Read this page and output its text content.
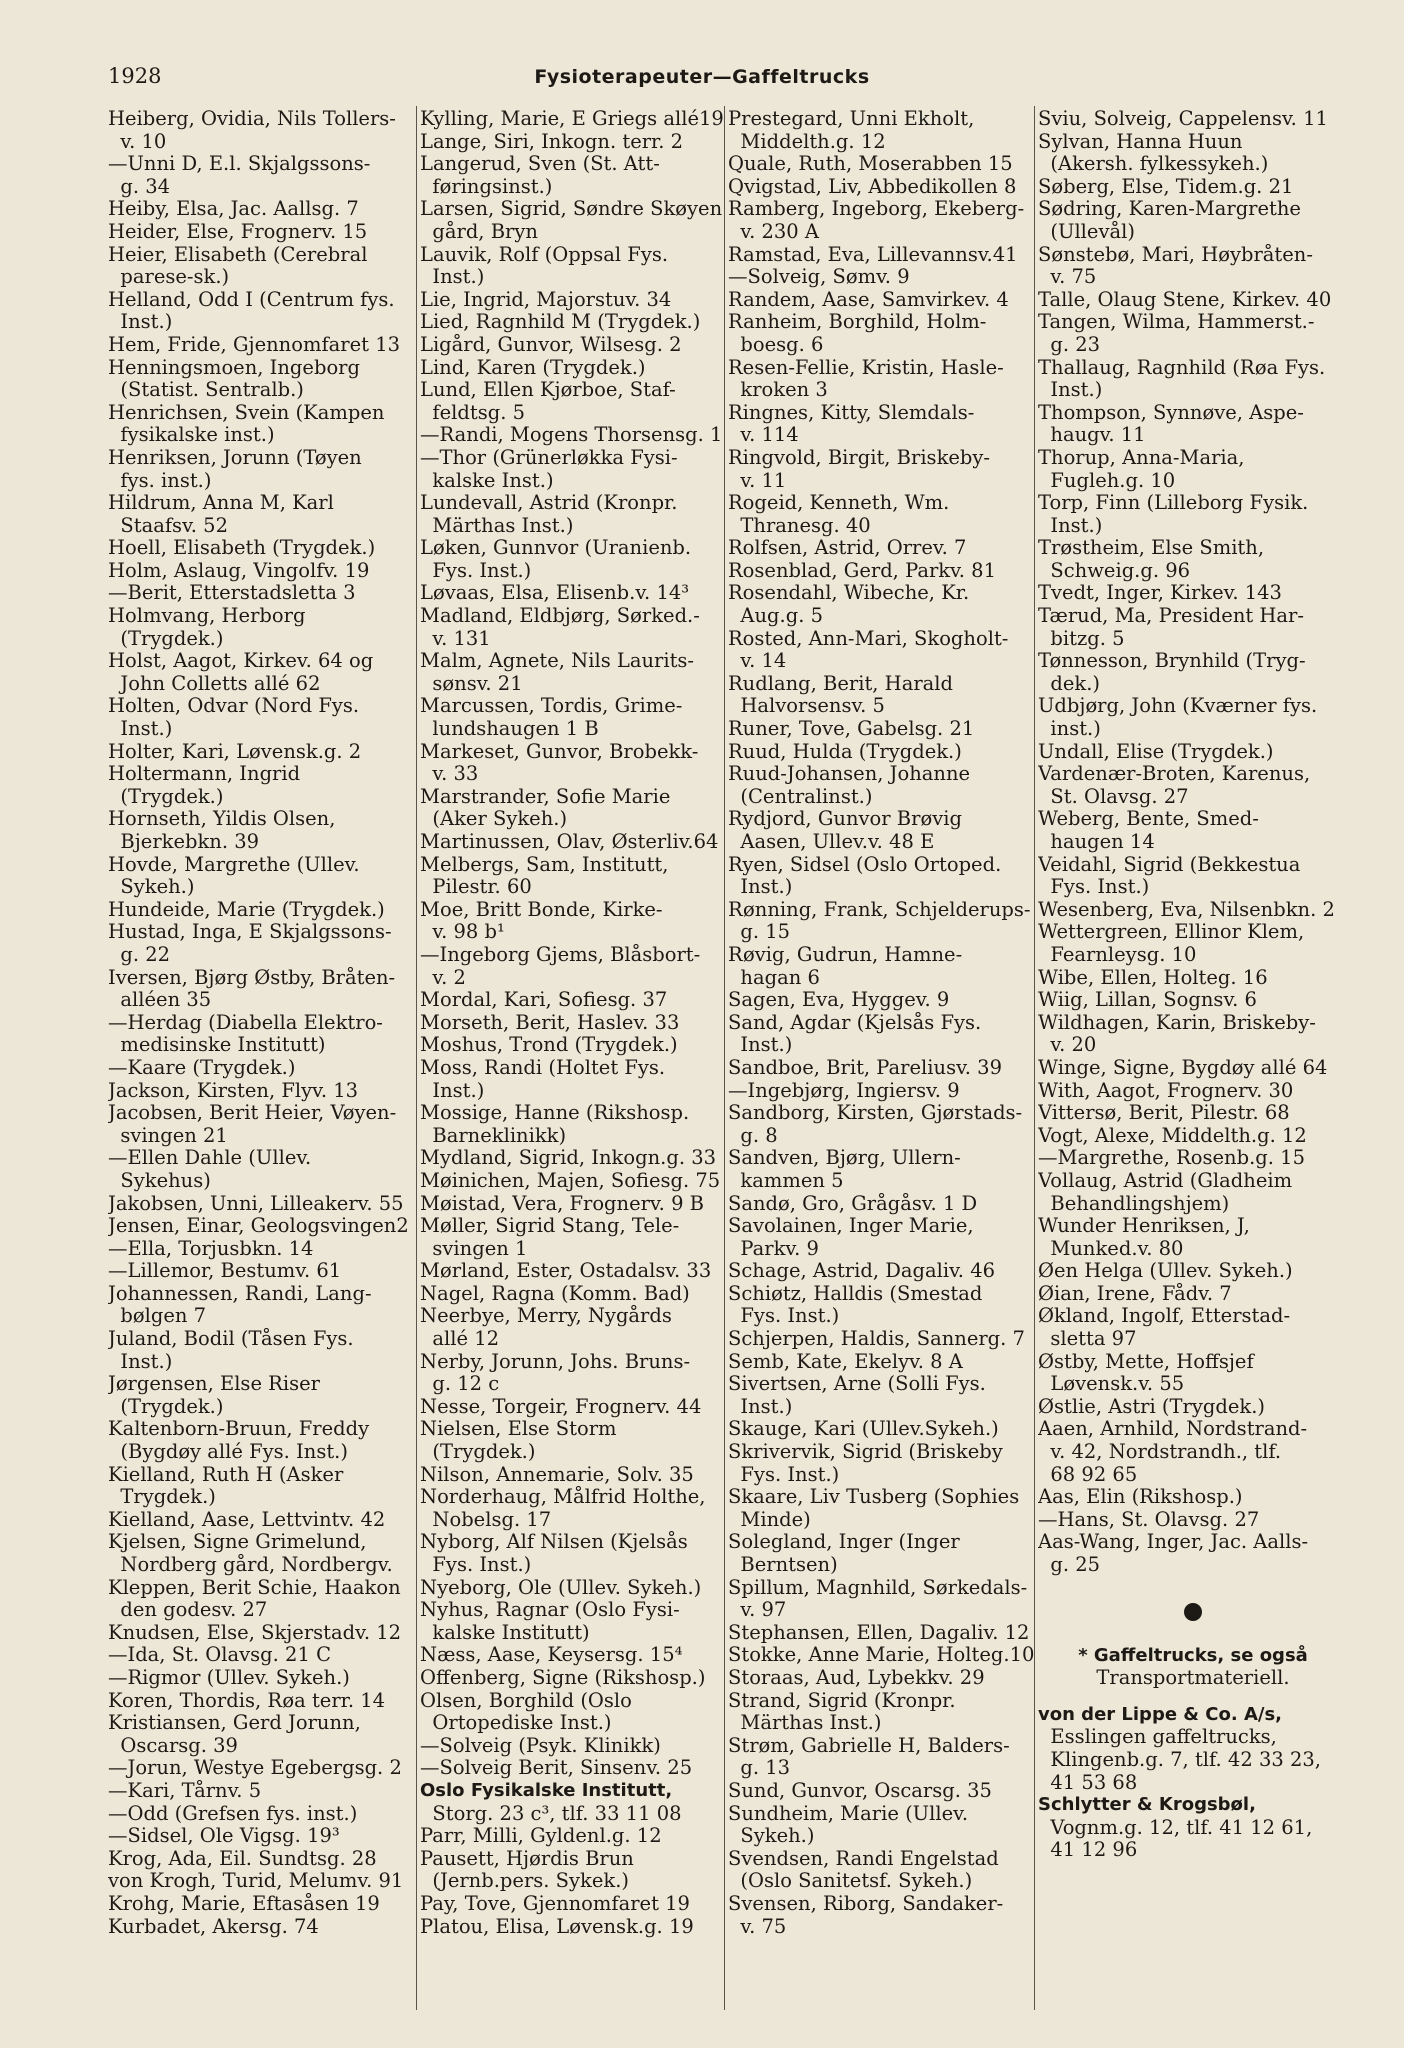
1928	Fysioterapeuter—Gaffeltrucks
Heiberg, Ovidia, Nils Tollers-
v. 10
—Unni D, E.l. Skjalgssons-
g. 34
Heiby, Elsa, Jac. Aallsg. 7
Heider, Else, Frognerv. 15
Heier, Elisabeth (Cerebral
parese-sk.)
Helland, Odd I (Centrum fys.
Inst.)
Hem, Fride, Gjennomfaret 13
Henningsmoen, Ingeborg
(Statist. Sentralb.)
Henrichsen, Svein (Kampen
fysikalske inst.)
Henriksen, Jorunn (Tøyen
fys. inst.)
Hildrum, Anna M, Karl
Staafsv. 52
Hoell, Elisabeth (Trygdek.)
Holm, Aslaug, Vingolfv. 19
—Berit, Etterstadsletta 3
Holmvang, Herborg
(Trygdek.)
Holst, Aagot, Kirkev. 64 og
John Colletts allé 62
Holten, Odvar (Nord Fys.
Inst.)
Holter, Kari, Løvensk.g. 2
Holtermann, Ingrid
(Trygdek.)
Hornseth, Yildis Olsen,
Bjerkebkn. 39
Hovde, Margrethe (Ullev.
Sykeh.)
Hundeide, Marie (Trygdek.)
Hustad, Inga, E Skjalgssons-
g. 22
Iversen, Bjørg Østby, Bråten-
alléen 35
—Herdag (Diabella Elektro-
medisinske Institutt)
—Kaare (Trygdek.)
Jackson, Kirsten, Flyv. 13
Jacobsen, Berit Heier, Vøyen-
svingen 21
—Ellen Dahle (Ullev.
Sykehus)
Jakobsen, Unni, Lilleakerv. 55
Jensen, Einar, Geologsvingen2
—Ella, Torjusbkn. 14
—Lillemor, Bestumv. 61
Johannessen, Randi, Lang-
bølgen 7
Juland, Bodil (Tåsen Fys.
Inst.)
Jørgensen, Else Riser
(Trygdek.)
Kaltenborn-Bruun, Freddy
(Bygdøy allé Fys. Inst.)
Kielland, Ruth H (Asker
Trygdek.)
Kielland, Aase, Lettvintv. 42
Kjelsen, Signe Grimelund,
Nordberg gård, Nordbergv.
Kleppen, Berit Schie, Haakon
den godesv. 27
Knudsen, Else, Skjerstadv. 12
—Ida, St. Olavsg. 21 C
—Rigmor (Ullev. Sykeh.)
Koren, Thordis, Røa terr. 14
Kristiansen, Gerd Jorunn,
Oscarsg. 39
—Jorun, Westye Egebergsg. 2
—Kari, Tårnv. 5
—Odd (Grefsen fys. inst.)
—Sidsel, Ole Vigsg. 19³
Krog, Ada, Eil. Sundtsg. 28
von Krogh, Turid, Melumv. 91
Krohg, Marie, Eftasåsen 19
Kurbadet, Akersg. 74
Kylling, Marie, E Griegs allé19
Lange, Siri, Inkogn. terr. 2
Langerud, Sven (St. Att-
føringsinst.)
Larsen, Sigrid, Søndre Skøyen
gård, Bryn
Lauvik, Rolf (Oppsal Fys.
Inst.)
Lie, Ingrid, Majorstuv. 34
Lied, Ragnhild M (Trygdek.)
Ligård, Gunvor, Wilsesg. 2
Lind, Karen (Trygdek.)
Lund, Ellen Kjørboe, Staf-
feldtsg. 5
—Randi, Mogens Thorsensg. 1
—Thor (Grünerløkka Fysi-
kalske Inst.)
Lundevall, Astrid (Kronpr.
Märthas Inst.)
Løken, Gunnvor (Uranienb.
Fys. Inst.)
Løvaas, Elsa, Elisenb.v. 14³
Madland, Eldbjørg, Sørked.-
v. 131
Malm, Agnete, Nils Laurits-
sønsv. 21
Marcussen, Tordis, Grime-
lundshaugen 1 B
Markeset, Gunvor, Brobekk-
v. 33
Marstrander, Sofie Marie
(Aker Sykeh.)
Martinussen, Olav, Østerliv.64
Melbergs, Sam, Institutt,
Pilestr. 60
Moe, Britt Bonde, Kirke-
v. 98 b¹
—Ingeborg Gjems, Blåsbort-
v. 2
Mordal, Kari, Sofiesg. 37
Morseth, Berit, Haslev. 33
Moshus, Trond (Trygdek.)
Moss, Randi (Holtet Fys.
Inst.)
Mossige, Hanne (Rikshosp.
Barneklinikk)
Mydland, Sigrid, Inkogn.g. 33
Møinichen, Majen, Sofiesg. 75
Møistad, Vera, Frognerv. 9 B
Møller, Sigrid Stang, Tele-
svingen 1
Mørland, Ester, Ostadalsv. 33
Nagel, Ragna (Komm. Bad)
Neerbye, Merry, Nygårds
allé 12
Nerby, Jorunn, Johs. Bruns-
g. 12 c
Nesse, Torgeir, Frognerv. 44
Nielsen, Else Storm
(Trygdek.)
Nilson, Annemarie, Solv. 35
Norderhaug, Målfrid Holthe,
Nobelsg. 17
Nyborg, Alf Nilsen (Kjelsås
Fys. Inst.)
Nyeborg, Ole (Ullev. Sykeh.)
Nyhus, Ragnar (Oslo Fysi-
kalske Institutt)
Næss, Aase, Keysersg. 15⁴
Offenberg, Signe (Rikshosp.)
Olsen, Borghild (Oslo
Ortopediske Inst.)
—Solveig (Psyk. Klinikk)
—Solveig Berit, Sinsenv. 25
Oslo Fysikalske Institutt,
Storg. 23 c³, tlf. 33 11 08
Parr, Milli, Gyldenl.g. 12
Pausett, Hjørdis Brun
(Jernb.pers. Sykek.)
Pay, Tove, Gjennomfaret 19
Platou, Elisa, Løvensk.g. 19
Prestegard, Unni Ekholt,
Middelth.g. 12
Quale, Ruth, Moserabben 15
Qvigstad, Liv, Abbedikollen 8
Ramberg, Ingeborg, Ekeberg-
v. 230 A
Ramstad, Eva, Lillevannsv.41
—Solveig, Sømv. 9
Randem, Aase, Samvirkev. 4
Ranheim, Borghild, Holm-
boesg. 6
Resen-Fellie, Kristin, Hasle-
kroken 3
Ringnes, Kitty, Slemdals-
v. 114
Ringvold, Birgit, Briskeby-
v. 11
Rogeid, Kenneth, Wm.
Thranesg. 40
Rolfsen, Astrid, Orrev. 7
Rosenblad, Gerd, Parkv. 81
Rosendahl, Wibeche, Kr.
Aug.g. 5
Rosted, Ann-Mari, Skogholt-
v. 14
Rudlang, Berit, Harald
Halvorsensv. 5
Runer, Tove, Gabelsg. 21
Ruud, Hulda (Trygdek.)
Ruud-Johansen, Johanne
(Centralinst.)
Rydjord, Gunvor Brøvig
Aasen, Ullev.v. 48 E
Ryen, Sidsel (Oslo Ortoped.
Inst.)
Rønning, Frank, Schjelderups-
g. 15
Røvig, Gudrun, Hamne-
hagan 6
Sagen, Eva, Hyggev. 9
Sand, Agdar (Kjelsås Fys.
Inst.)
Sandboe, Brit, Pareliusv. 39
—Ingebjørg, Ingiersv. 9
Sandborg, Kirsten, Gjørstads-
g. 8
Sandven, Bjørg, Ullern-
kammen 5
Sandø, Gro, Grågåsv. 1 D
Savolainen, Inger Marie,
Parkv. 9
Schage, Astrid, Dagaliv. 46
Schiøtz, Halldis (Smestad
Fys. Inst.)
Schjerpen, Haldis, Sannerg. 7
Semb, Kate, Ekelyv. 8 A
Sivertsen, Arne (Solli Fys.
Inst.)
Skauge, Kari (Ullev.Sykeh.)
Skrivervik, Sigrid (Briskeby
Fys. Inst.)
Skaare, Liv Tusberg (Sophies
Minde)
Solegland, Inger (Inger
Berntsen)
Spillum, Magnhild, Sørkedals-
v. 97
Stephansen, Ellen, Dagaliv. 12
Stokke, Anne Marie, Holteg.10
Storaas, Aud, Lybekkv. 29
Strand, Sigrid (Kronpr.
Märthas Inst.)
Strøm, Gabrielle H, Balders-
g. 13
Sund, Gunvor, Oscarsg. 35
Sundheim, Marie (Ullev.
Sykeh.)
Svendsen, Randi Engelstad
(Oslo Sanitetsf. Sykeh.)
Svensen, Riborg, Sandaker-
v. 75
Sviu, Solveig, Cappelensv. 11
Sylvan, Hanna Huun
(Akersh. fylkessykeh.)
Søberg, Else, Tidem.g. 21
Sødring, Karen-Margrethe
(Ullevål)
Sønstebø, Mari, Høybråten-
v. 75
Talle, Olaug Stene, Kirkev. 40
Tangen, Wilma, Hammerst.-
g. 23
Thallaug, Ragnhild (Røa Fys.
Inst.)
Thompson, Synnøve, Aspe-
haugv. 11
Thorup, Anna-Maria,
Fugleh.g. 10
Torp, Finn (Lilleborg Fysik.
Inst.)
Trøstheim, Else Smith,
Schweig.g. 96
Tvedt, Inger, Kirkev. 143
Tærud, Ma, President Har-
bitzg. 5
Tønnesson, Brynhild (Tryg-
dek.)
Udbjørg, John (Kværner fys.
inst.)
Undall, Elise (Trygdek.)
Vardenær-Broten, Karenus,
St. Olavsg. 27
Weberg, Bente, Smed-
haugen 14
Veidahl, Sigrid (Bekkestua
Fys. Inst.)
Wesenberg, Eva, Nilsenbkn. 2
Wettergreen, Ellinor Klem,
Fearnleysg. 10
Wibe, Ellen, Holteg. 16
Wiig, Lillan, Sognsv. 6
Wildhagen, Karin, Briskeby-
v. 20
Winge, Signe, Bygdøy allé 64
With, Aagot, Frognerv. 30
Vittersø, Berit, Pilestr. 68
Vogt, Alexe, Middelth.g. 12
—Margrethe, Rosenb.g. 15
Vollaug, Astrid (Gladheim
Behandlingshjem)
Wunder Henriksen, J,
Munked.v. 80
Øen Helga (Ullev. Sykeh.)
Øian, Irene, Fådv. 7
Økland, Ingolf, Etterstad-
sletta 97
Østby, Mette, Hoffsjef
Løvensk.v. 55
Østlie, Astri (Trygdek.)
Aaen, Arnhild, Nordstrand-
v. 42, Nordstrandh., tlf.
68 92 65
Aas, Elin (Rikshosp.)
—Hans, St. Olavsg. 27
Aas-Wang, Inger, Jac. Aalls-
g. 25
* Gaffeltrucks, se også
Transportmateriell.
von der Lippe & Co. A/s,
Esslingen gaffeltrucks,
Klingenb.g. 7, tlf. 42 33 23,
41 53 68
Schlytter & Krogsbøl,
Vognm.g. 12, tlf. 41 12 61,
41 12 96
